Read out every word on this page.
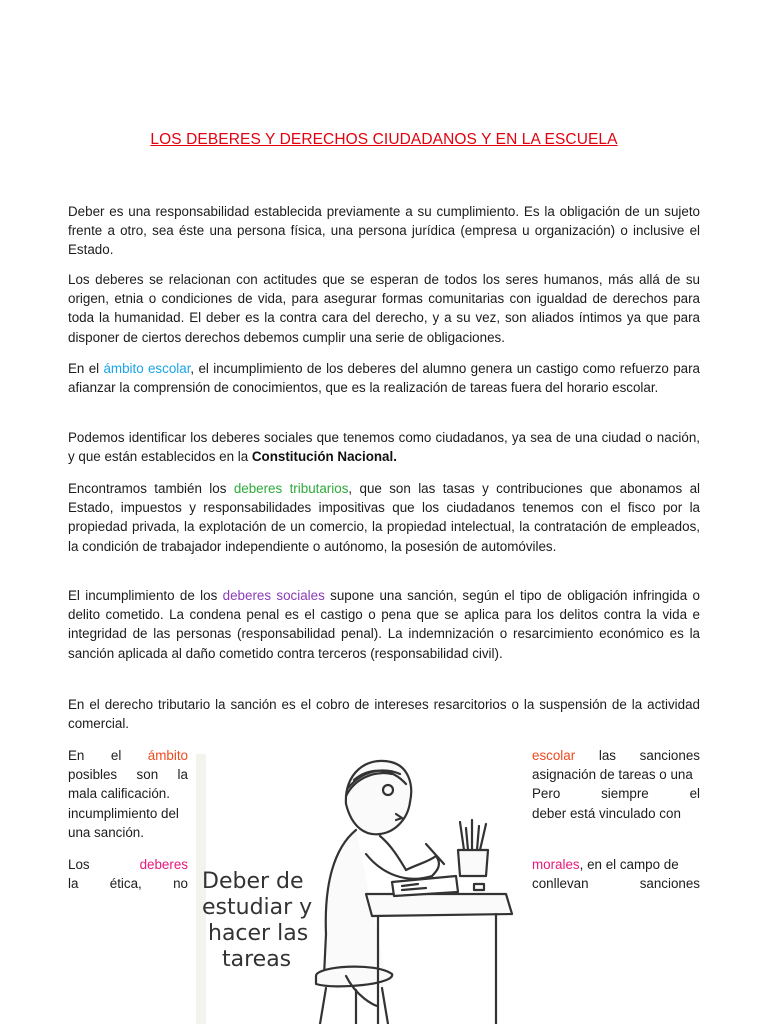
LOS DEBERES Y DERECHOS CIUDADANOS Y EN LA ESCUELA

Deber es una responsabilidad establecida previamente a su cumplimiento. Es la obligación de un sujeto frente a otro, sea éste una persona física, una persona jurídica (empresa u organización) o inclusive el Estado.

Los deberes se relacionan con actitudes que se esperan de todos los seres humanos, más allá de su origen, etnia o condiciones de vida, para asegurar formas comunitarias con igualdad de derechos para toda la humanidad. El deber es la contra cara del derecho, y a su vez, son aliados íntimos ya que para disponer de ciertos derechos debemos cumplir una serie de obligaciones.

En el ámbito escolar, el incumplimiento de los deberes del alumno genera un castigo como refuerzo para afianzar la comprensión de conocimientos, que es la realización de tareas fuera del horario escolar.

Podemos identificar los deberes sociales que tenemos como ciudadanos, ya sea de una ciudad o nación, y que están establecidos en la Constitución Nacional.

Encontramos también los deberes tributarios, que son las tasas y contribuciones que abonamos al Estado, impuestos y responsabilidades impositivas que los ciudadanos tenemos con el fisco por la propiedad privada, la explotación de un comercio, la propiedad intelectual, la contratación de empleados, la condición de trabajador independiente o autónomo, la posesión de automóviles.

El incumplimiento de los deberes sociales supone una sanción, según el tipo de obligación infringida o delito cometido. La condena penal es el castigo o pena que se aplica para los delitos contra la vida e integridad de las personas (responsabilidad penal). La indemnización o resarcimiento económico es la sanción aplicada al daño cometido contra terceros (responsabilidad civil).

En el derecho tributario la sanción es el cobro de intereses resarcitorios o la suspensión de la actividad comercial.

En el ámbito
posibles son la
mala calificación.
incumplimiento del
una sanción.
Los	deberes
la ética, no
escolar las sanciones
asignación de tareas o una
Pero	siempre	el
deber está vinculado con
morales , en el campo de
conllevan	sanciones
Deber de
estudiar y
hacer las
tareas
